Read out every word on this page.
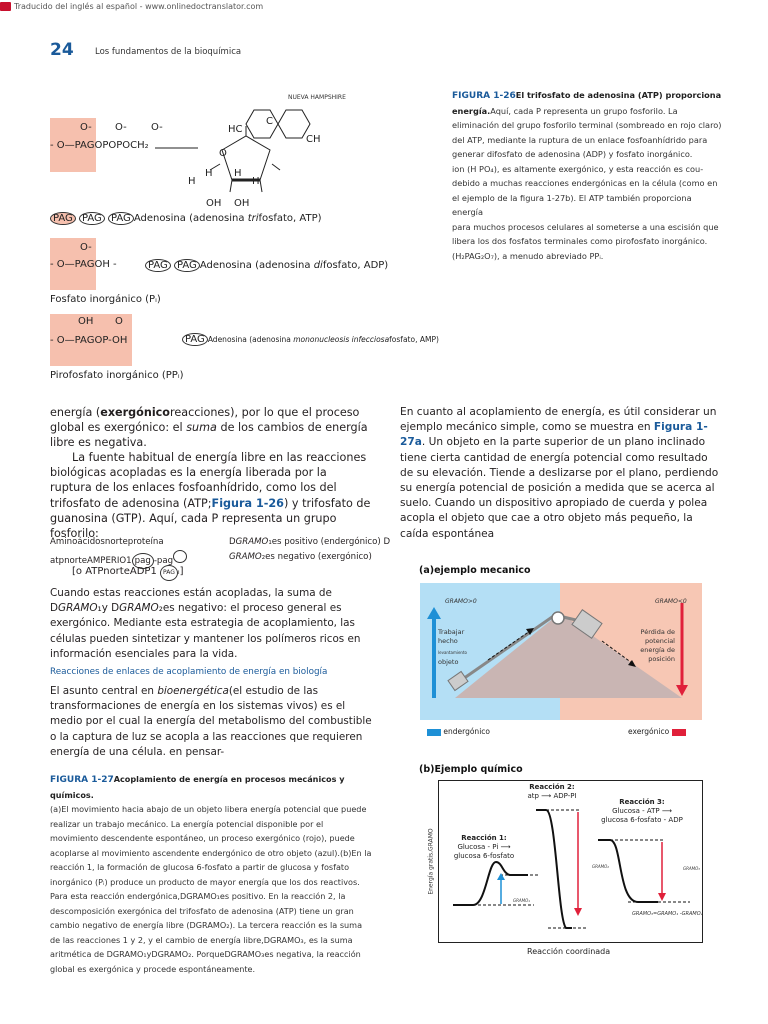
Traducido del inglés al español - www.onlinedoctranslator.com
24	Los fundamentos de la bioquímica
O- O- O-
- O—PAGOPOPOCH₂
NUEVA HAMPSHIRE
HC
CH
C
O
H
H H
H
OH OH
PAG PAG PAG Adenosina (adenosina trifosfato, ATP)
O-
- O—PAGOH -	PAG PAG Adenosina (adenosina difosfato, ADP)
Fosfato inorgánico (Pᵢ)
OH O
- O—PAGOP-OH	PAG Adenosina (adenosina mononucleosis infecciosafosfato, AMP)
Pirofosfato inorgánico (PPᵢ)
FIGURA 1-26El trifosfato de adenosina (ATP) proporciona energía.Aquí, cada P representa un grupo fosforilo. La
eliminación del grupo fosforilo terminal (sombreado en rojo claro)
del ATP, mediante la ruptura de un enlace fosfoanhídrido para
generar difosfato de adenosina (ADP) y fosfato inorgánico.
ion (H PO₄), es altamente exergónico, y esta reacción es cou-
debido a muchas reacciones endergónicas en la célula (como en
el ejemplo de la figura 1-27b). El ATP también proporciona energía
para muchos procesos celulares al someterse a una escisión que
libera los dos fosfatos terminales como pirofosfato inorgánico.
(H₂PAG₂O₇), a menudo abreviado PPᵢ.
energía (exergónicoreacciones), por lo que el proceso global es exergónico: el suma de los cambios de energía libre es negativa.
La fuente habitual de energía libre en las reacciones biológicas acopladas es la energía liberada por la ruptura de los enlaces fosfoanhídrido, como los del trifosfato de adenosina (ATP;Figura 1-26) y trifosfato de guanosina (GTP). Aquí, cada P representa un grupo fosforilo:
Aminoácidosnorteproteína	DGRAMO₁es positivo (endergónico) D
atpnorteAMPERIO1 pag -pag	GRAMO₂es negativo (exergónico)
[o ATPnorteADP1 PAG ᵢ]
Cuando estas reacciones están acopladas, la suma de DGRAMO₁y DGRAMO₂es negativo: el proceso general es exergónico. Mediante esta estrategia de acoplamiento, las células pueden sintetizar y mantener los polímeros ricos en información esenciales para la vida.
Reacciones de enlaces de acoplamiento de energía en biología
El asunto central en bioenergética(el estudio de las transformaciones de energía en los sistemas vivos) es el medio por el cual la energía del metabolismo del combustible o la captura de luz se acopla a las reacciones que requieren energía de una célula. en pensar-
En cuanto al acoplamiento de energía, es útil considerar un ejemplo mecánico simple, como se muestra en Figura 1-27a. Un objeto en la parte superior de un plano inclinado tiene cierta cantidad de energía potencial como resultado de su elevación. Tiende a deslizarse por el plano, perdiendo su energía potencial de posición a medida que se acerca al suelo. Cuando un dispositivo apropiado de cuerda y polea acopla el objeto que cae a otro objeto más pequeño, la caída espontánea
(a)ejemplo mecanico
GRAMO>0	GRAMO<0
Trabajar
hecho
levantamiento
objeto
Pérdida de
potencial
energía de
posición
endergónico	exergónico
(b)Ejemplo químico
Reacción 2:
atp ⟶ ADP-PI
Reacción 3:
Glucosa - ATP ⟶
glucosa 6-fosfato - ADP
Reacción 1:
Glucosa - Pi ⟶
glucosa 6-fosfato
Energía gratis,GRAMO
GRAMO₁
GRAMO₂	GRAMO₃
GRAMO₃=GRAMO₁ -GRAMO₂
Reacción coordinada
FIGURA 1-27Acoplamiento de energía en procesos mecánicos y químicos.
(a)El movimiento hacia abajo de un objeto libera energía potencial que puede
realizar un trabajo mecánico. La energía potencial disponible por el
movimiento descendente espontáneo, un proceso exergónico (rojo), puede
acoplarse al movimiento ascendente endergónico de otro objeto (azul).(b)En la
reacción 1, la formación de glucosa 6-fosfato a partir de glucosa y fosfato
inorgánico (Pᵢ) produce un producto de mayor energía que los dos reactivos.
Para esta reacción endergónica,DGRAMO₁es positivo. En la reacción 2, la
descomposición exergónica del trifosfato de adenosina (ATP) tiene un gran
cambio negativo de energía libre (DGRAMO₂). La tercera reacción es la suma
de las reacciones 1 y 2, y el cambio de energía libre,DGRAMO₃, es la suma
aritmética de DGRAMO₁yDGRAMO₂. PorqueDGRAMO₃es negativa, la reacción
global es exergónica y procede espontáneamente.
